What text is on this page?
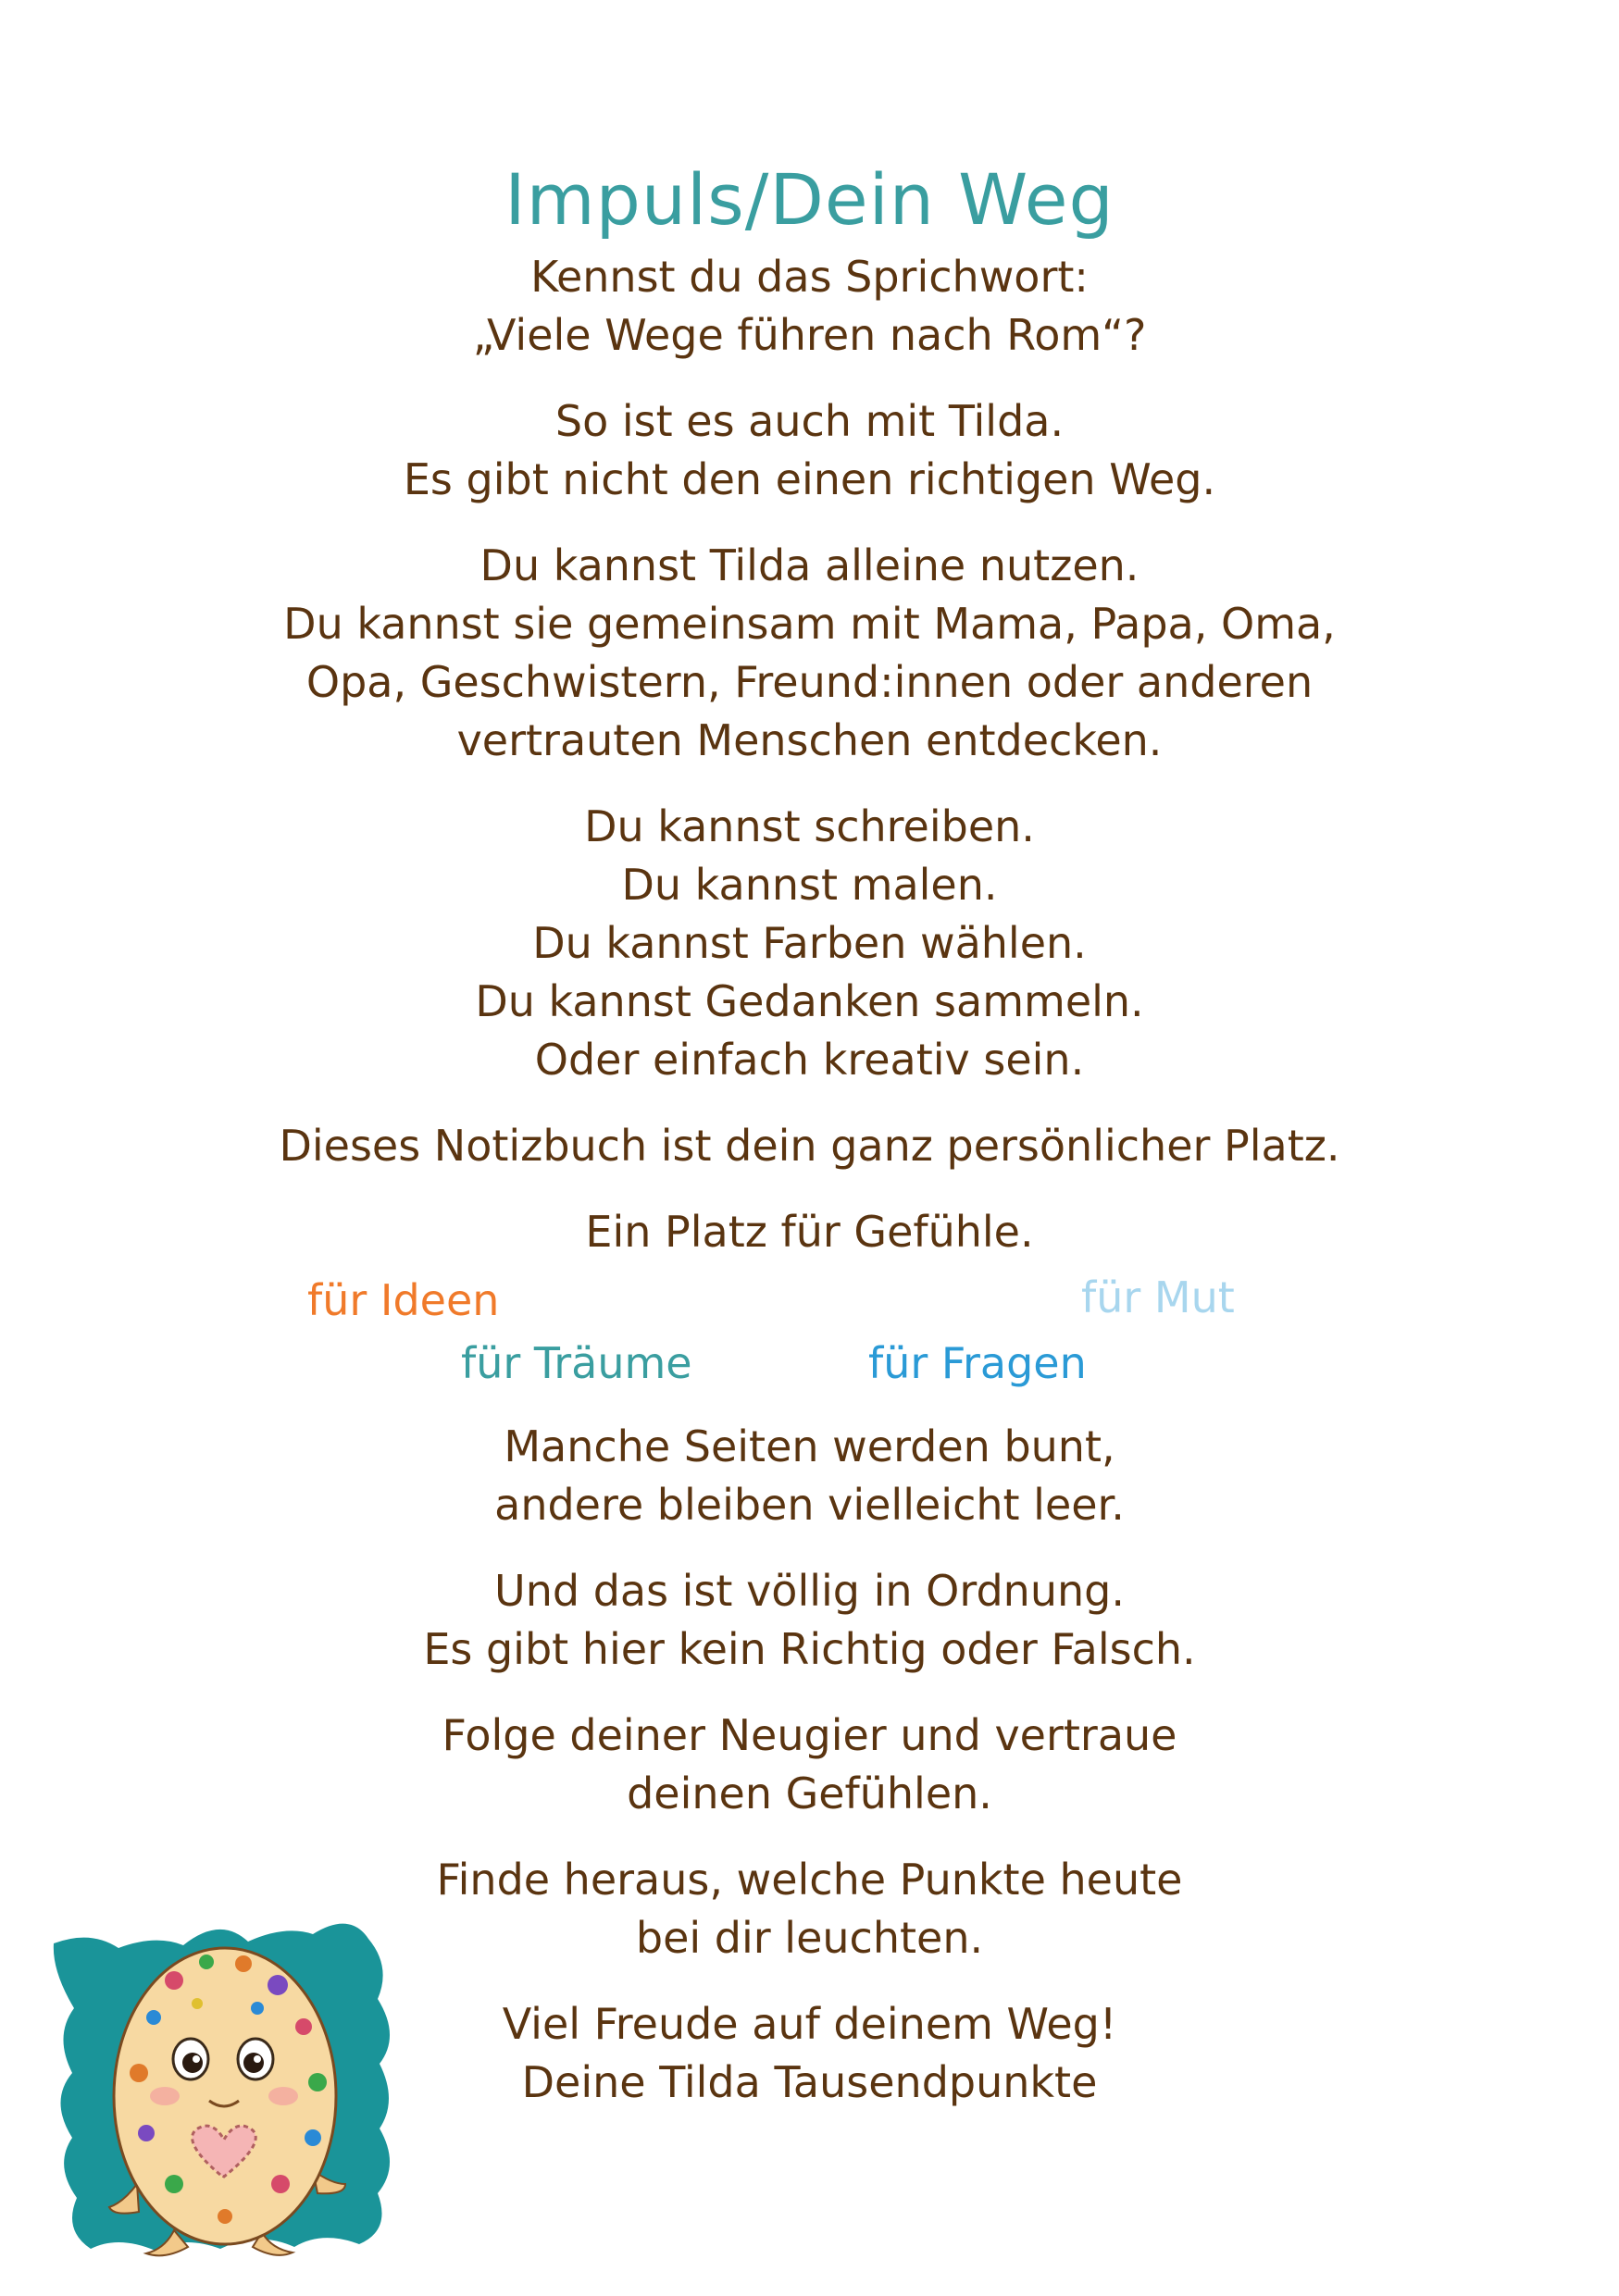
Impuls/Dein Weg
Kennst du das Sprichwort:
„Viele Wege führen nach Rom“?
So ist es auch mit Tilda.
Es gibt nicht den einen richtigen Weg.
Du kannst Tilda alleine nutzen.
Du kannst sie gemeinsam mit Mama, Papa, Oma,
Opa, Geschwistern, Freund:innen oder anderen
vertrauten Menschen entdecken.
Du kannst schreiben.
Du kannst malen.
Du kannst Farben wählen.
Du kannst Gedanken sammeln.
Oder einfach kreativ sein.
Dieses Notizbuch ist dein ganz persönlicher Platz.
Ein Platz für Gefühle.
für Ideen	für Mut
für Träume	für Fragen
Manche Seiten werden bunt,
andere bleiben vielleicht leer.
Und das ist völlig in Ordnung.
Es gibt hier kein Richtig oder Falsch.
Folge deiner Neugier und vertraue
deinen Gefühlen.
Finde heraus, welche Punkte heute
bei dir leuchten.
Viel Freude auf deinem Weg!
Deine Tilda Tausendpunkte
